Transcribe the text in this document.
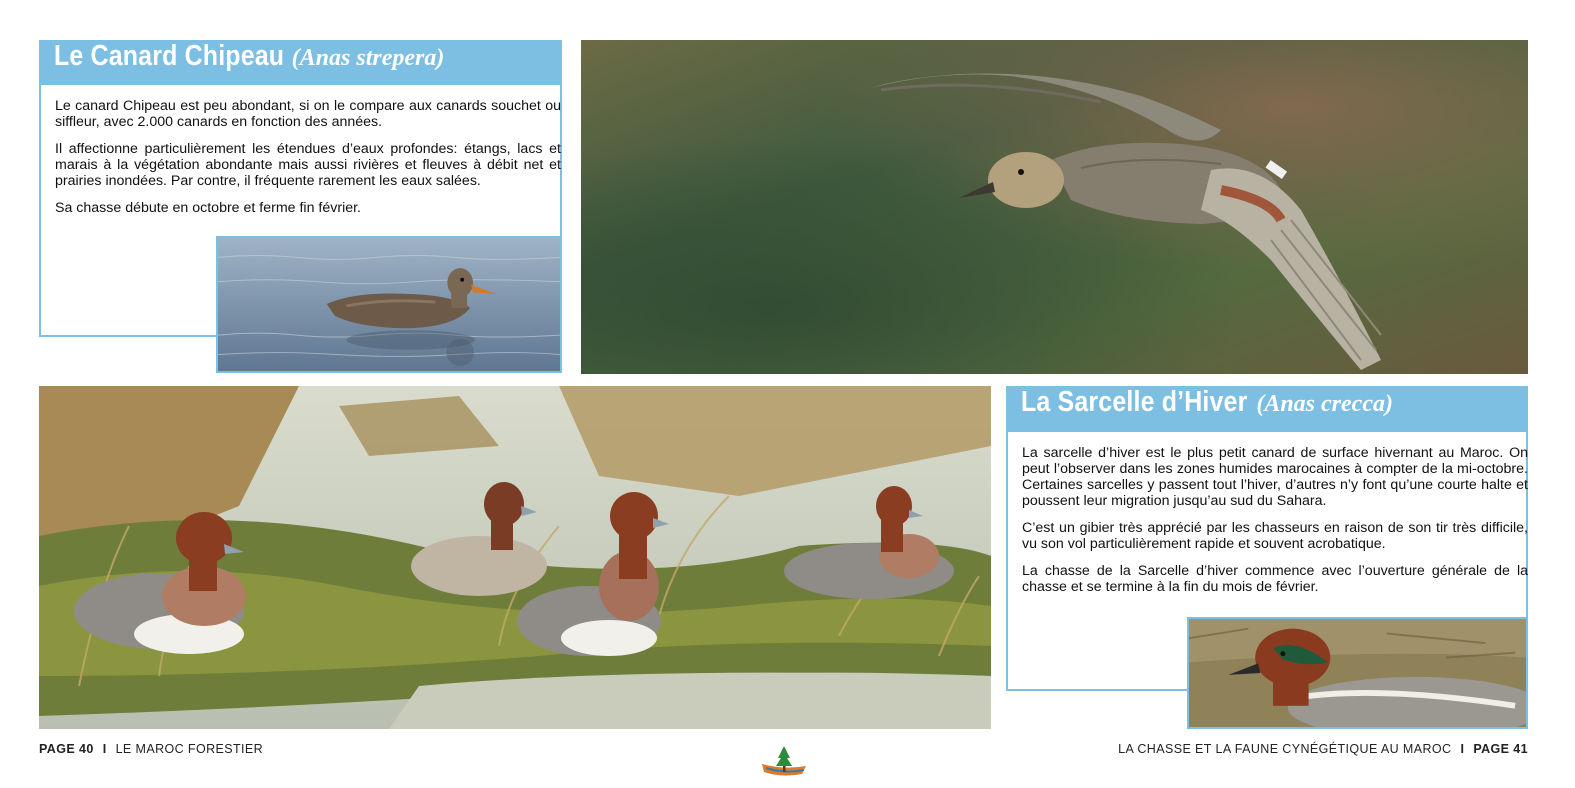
Le Canard Chipeau (Anas strepera)

Le canard Chipeau est peu abondant, si on le compare aux canards souchet ou siffleur, avec 2.000 canards en fonction des années.

Il affectionne particulièrement les étendues d’eaux profondes: étangs, lacs et marais à la végétation abondante mais aussi rivières et fleuves à débit net et prairies inondées. Par contre, il fréquente rarement les eaux salées.

Sa chasse débute en octobre et ferme fin février.

La Sarcelle d’Hiver (Anas crecca)

La sarcelle d’hiver est le plus petit canard de surface hivernant au Maroc. On peut l’observer dans les zones humides marocaines à compter de la mi-octobre. Certaines sarcelles y passent tout l’hiver, d’autres n’y font qu’une courte halte et poussent leur migration jusqu’au sud du Sahara.

C’est un gibier très apprécié par les chasseurs en raison de son tir très difficile, vu son vol particulièrement rapide et souvent acrobatique.

La chasse de la Sarcelle d’hiver commence avec l’ouverture générale de la chasse et se termine à la fin du mois de février.

PAGE 40 I LE MAROC FORESTIER	LA CHASSE ET LA FAUNE CYNÉGÉTIQUE AU MAROC I PAGE 41
